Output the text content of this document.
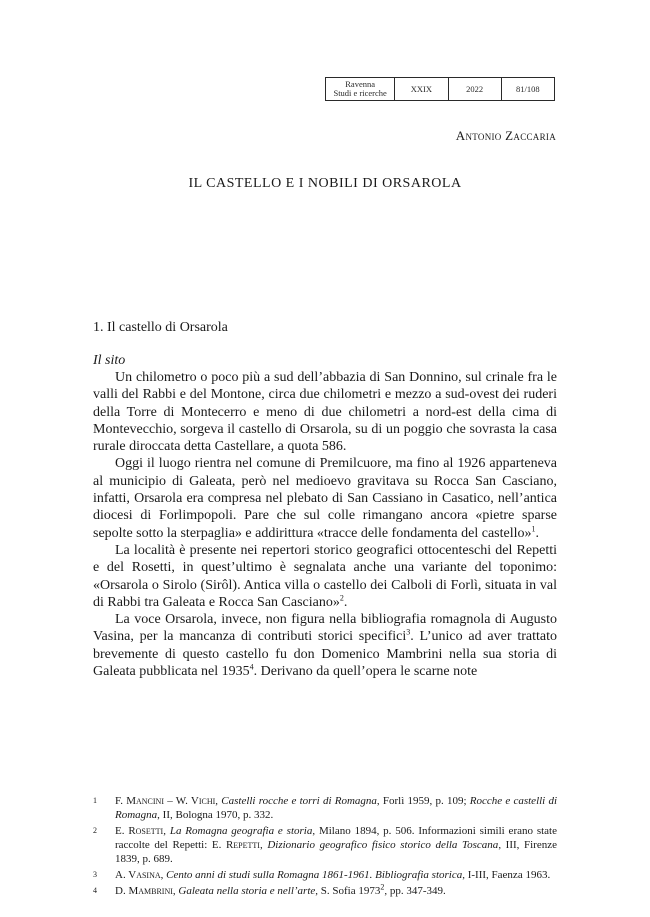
Ravenna
Studi e ricerche	XXIX	2022	81/108
Antonio Zaccaria
IL CASTELLO E I NOBILI DI ORSAROLA
1. Il castello di Orsarola
Il sito

Un chilometro o poco più a sud dell’abbazia di San Donnino, sul crinale fra le valli del Rabbi e del Montone, circa due chilometri e mezzo a sud-ovest dei ruderi della Torre di Montecerro e meno di due chilometri a nord-est della cima di Montevecchio, sorgeva il castello di Orsarola, su di un poggio che sovrasta la casa rurale diroccata detta Castellare, a quota 586.

Oggi il luogo rientra nel comune di Premilcuore, ma fino al 1926 apparteneva al municipio di Galeata, però nel medioevo gravitava su Rocca San Casciano, infatti, Orsarola era compresa nel plebato di San Cassiano in Casatico, nell’antica diocesi di Forlimpopoli. Pare che sul colle rimangano ancora «pietre sparse sepolte sotto la sterpaglia» e addirittura «tracce delle fondamenta del castello»$^1$.

La località è presente nei repertori storico geografici ottocenteschi del Repetti e del Rosetti, in quest’ultimo è segnalata anche una variante del toponimo: «Orsarola o Sirolo (Sirôl). Antica villa o castello dei Calboli di Forlì, situata in val di Rabbi tra Galeata e Rocca San Casciano»$^2$.

La voce Orsarola, invece, non figura nella bibliografia romagnola di Augusto Vasina, per la mancanza di contributi storici specifici$^3$. L’unico ad aver trattato brevemente di questo castello fu don Domenico Mambrini nella sua storia di Galeata pubblicata nel 1935$^4$. Derivano da quell’opera le scarne note

1 F. Mancini – W. Vichi, Castelli rocche e torri di Romagna, Forlì 1959, p. 109; Rocche e castelli di Romagna, II, Bologna 1970, p. 332.

2 E. Rosetti, La Romagna geografia e storia, Milano 1894, p. 506. Informazioni simili erano state raccolte del Repetti: E. Repetti, Dizionario geografico fisico storico della Toscana, III, Firenze 1839, p. 689.

3 A. Vasina, Cento anni di studi sulla Romagna 1861-1961. Bibliografia storica, I-III, Faenza 1963.

4 D. Mambrini, Galeata nella storia e nell’arte, S. Sofia 1973$^2$, pp. 347-349.
